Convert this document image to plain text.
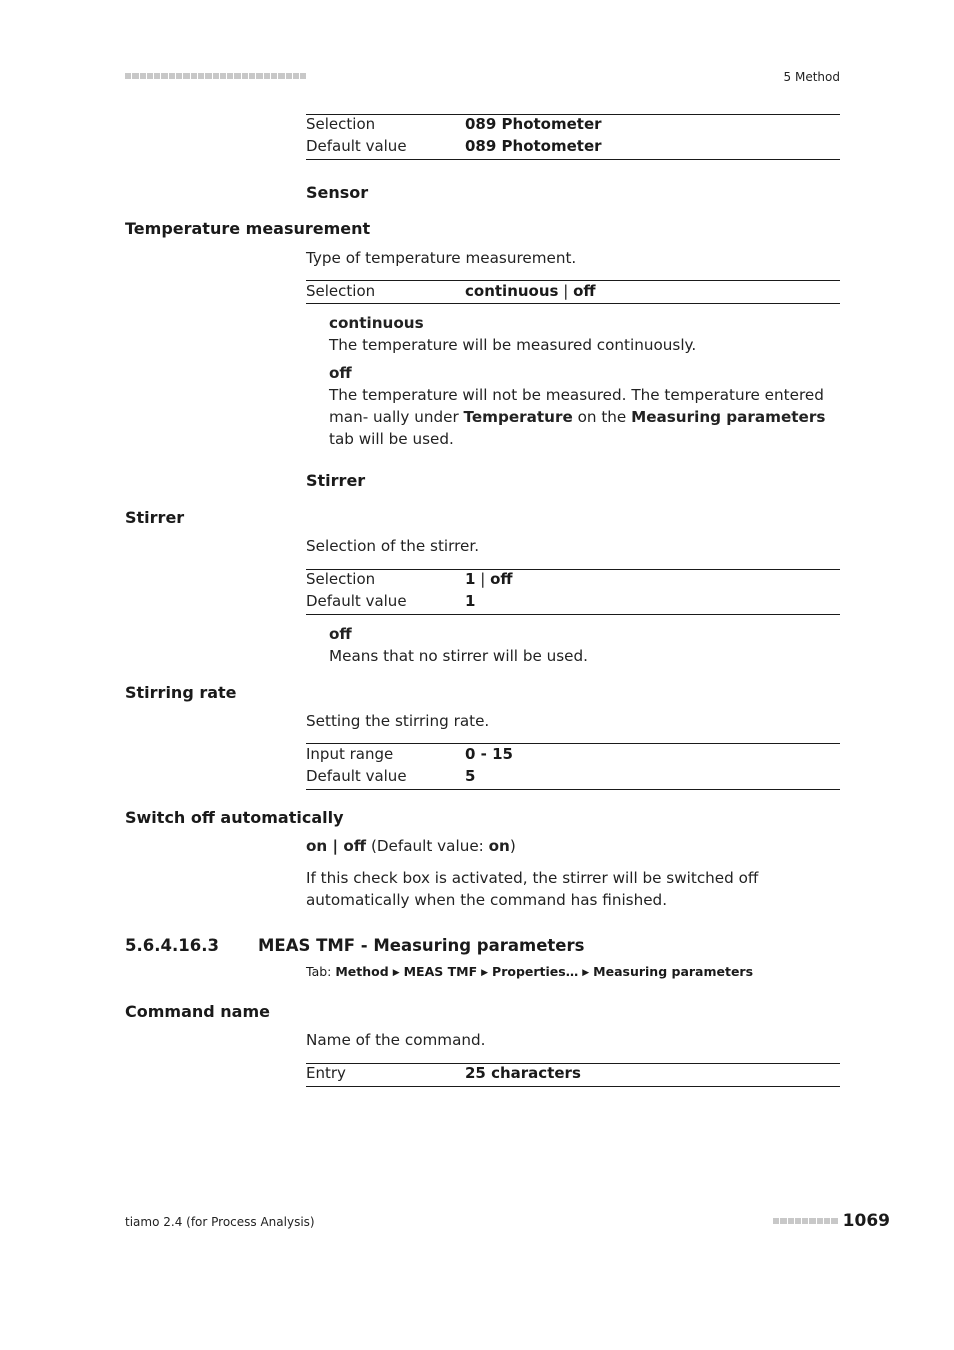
5 Method
Selection	089 Photometer
Default value	089 Photometer
Sensor
Temperature measurement
Type of temperature measurement.
Selection	continuous | off
continuous
The temperature will be measured continuously.
off
The temperature will not be measured. The temperature entered man- ually under Temperature on the Measuring parameters tab will be used.
Stirrer
Stirrer
Selection of the stirrer.
Selection	1 | off
Default value	1
off
Means that no stirrer will be used.
Stirring rate
Setting the stirring rate.
Input range	0 - 15
Default value	5
Switch off automatically
on | off (Default value: on)
If this check box is activated, the stirrer will be switched off automatically when the command has finished.
5.6.4.16.3 MEAS TMF - Measuring parameters
Tab: Method ▶ MEAS TMF ▶ Properties… ▶ Measuring parameters
Command name
Name of the command.
Entry	25 characters
tiamo 2.4 (for Process Analysis)	1069
